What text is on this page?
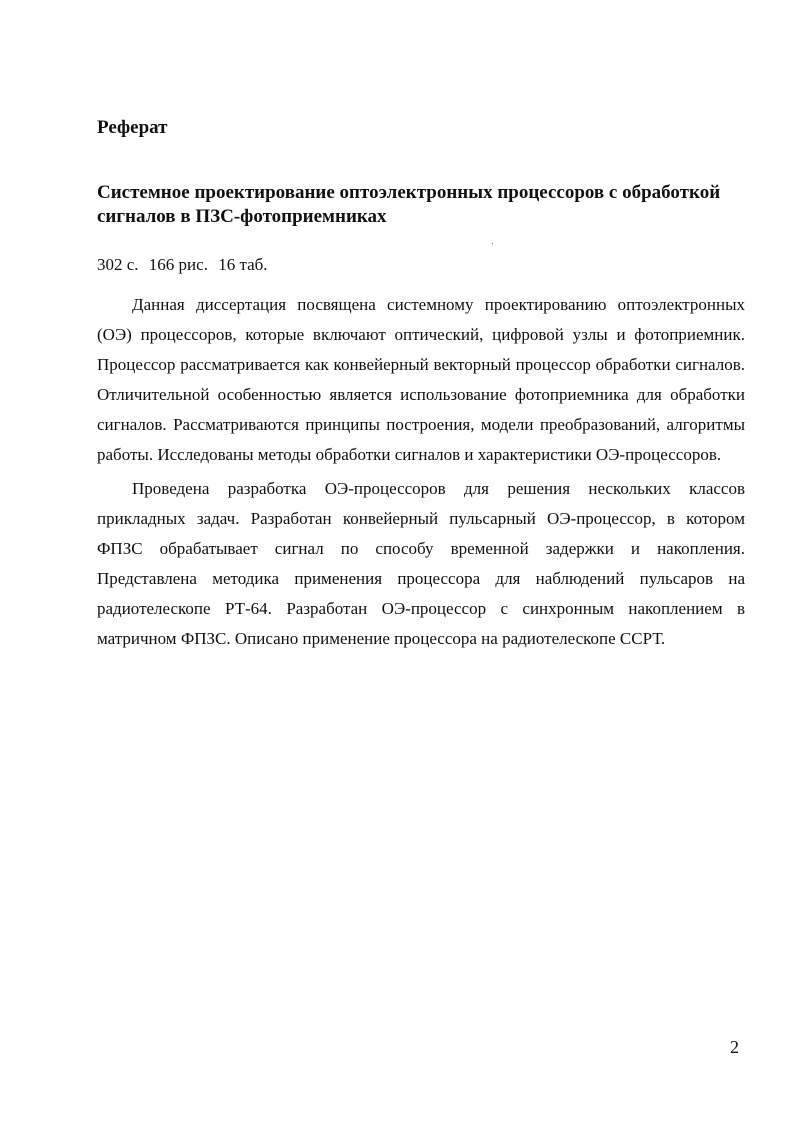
Реферат
Системное проектирование оптоэлектронных процессоров с обработкой сигналов в ПЗС-фотоприемниках

302 с. 166 рис. 16 таб.

Данная диссертация посвящена системному проектированию оптоэлектронных (ОЭ) процессоров, которые включают оптический, цифровой узлы и фотоприемник. Процессор рассматривается как конвейерный векторный процессор обработки сигналов. Отличительной особенностью является использование фотоприемника для обработки сигналов. Рассматриваются принципы построения, модели преобразований, алгоритмы работы. Исследованы методы обработки сигналов и характеристики ОЭ-процессоров.

Проведена разработка ОЭ-процессоров для решения нескольких классов прикладных задач. Разработан конвейерный пульсарный ОЭ-процессор, в котором ФПЗС обрабатывает сигнал по способу временной задержки и накопления. Представлена методика применения процессора для наблюдений пульсаров на радиотелескопе РТ-64. Разработан ОЭ-процессор с синхронным накоплением в матричном ФПЗС. Описано применение процессора на радиотелескопе ССРТ.

2
